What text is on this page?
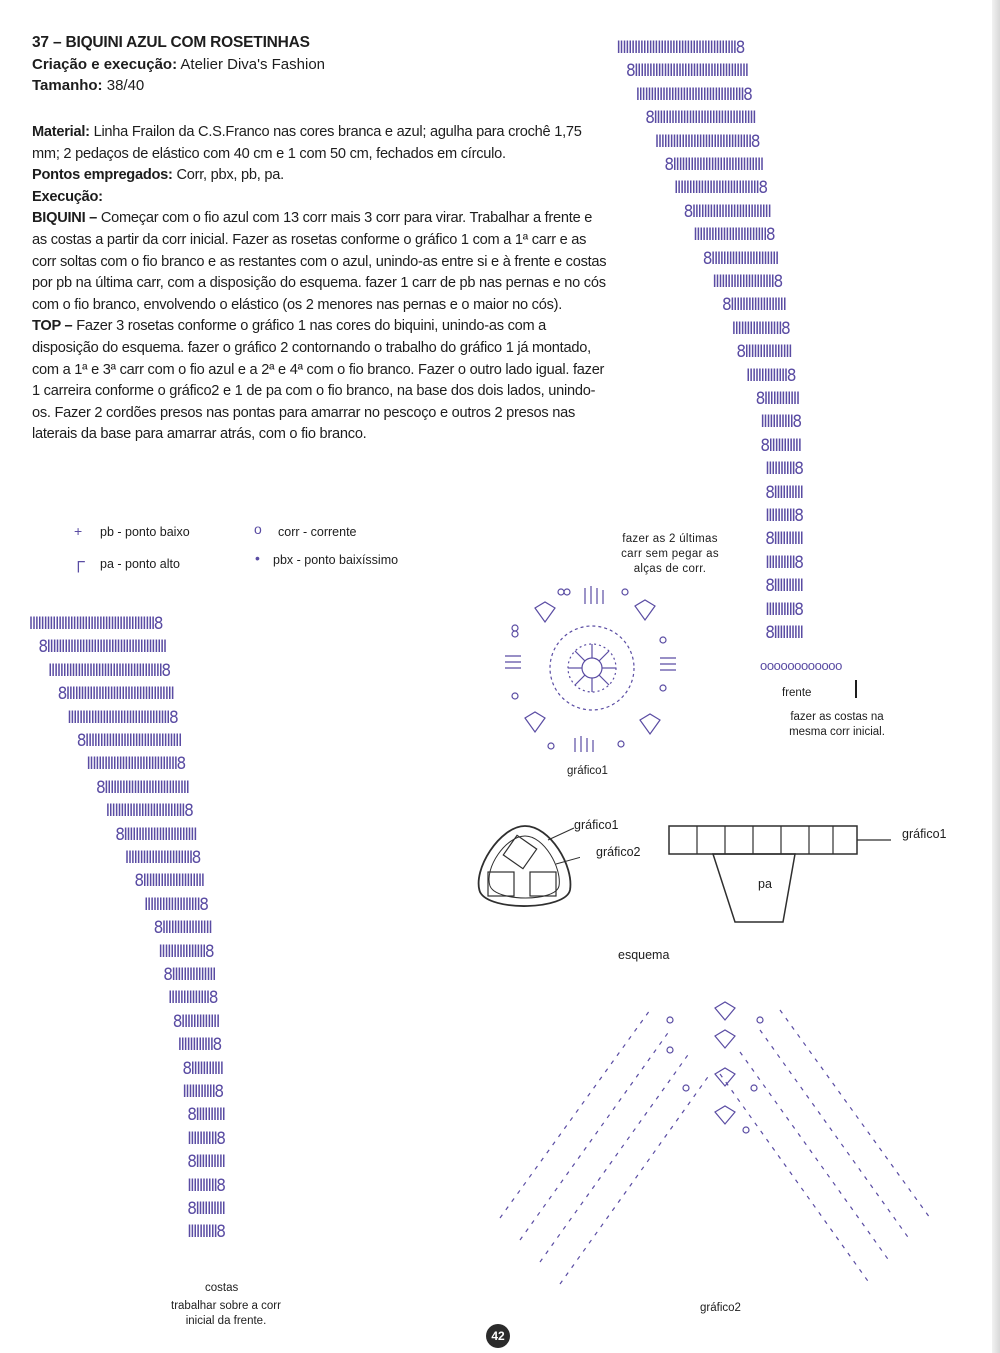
37 – BIQUINI AZUL COM ROSETINHAS
Criação e execução: Atelier Diva's Fashion
Tamanho: 38/40

Material: Linha Frailon da C.S.Franco nas cores branca e azul; agulha para crochê 1,75 mm; 2 pedaços de elástico com 40 cm e 1 com 50 cm, fechados em círculo.

Pontos empregados: Corr, pbx, pb, pa.

Execução:

BIQUINI – Começar com o fio azul com 13 corr mais 3 corr para virar. Trabalhar a frente e as costas a partir da corr inicial. Fazer as rosetas conforme o gráfico 1 com a 1ª carr e as corr soltas com o fio branco e as restantes com o azul, unindo-as entre si e à frente e costas por pb na última carr, com a disposição do esquema. fazer 1 carr de pb nas pernas e no cós com o fio branco, envolvendo o elástico (os 2 menores nas pernas e o maior no cós).

TOP – Fazer 3 rosetas conforme o gráfico 1 nas cores do biquini, unindo-as com a disposição do esquema. fazer o gráfico 2 contornando o trabalho do gráfico 1 já montado, com a 1ª e 3ª carr com o fio azul e a 2ª e 4ª com o fio branco. Fazer o outro lado igual. fazer 1 carreira conforme o gráfico2 e 1 de pa com o fio branco, na base dos dois lados, unindo-os. Fazer 2 cordões presos nas pontas para amarrar no pescoço e outros 2 presos nas laterais da base para amarrar atrás, com o fio branco.

+ pb - ponto baixo
┌ pa - ponto alto
o corr - corrente
• pbx - ponto baixíssimo
IIIIIIIIIIIIIIIIIIIIIIIIIIIIIIIIIIIIIIIII8
8IIIIIIIIIIIIIIIIIIIIIIIIIIIIIIIIIIIIIII
IIIIIIIIIIIIIIIIIIIIIIIIIIIIIIIIIIIII8
8IIIIIIIIIIIIIIIIIIIIIIIIIIIIIIIIIII
IIIIIIIIIIIIIIIIIIIIIIIIIIIIIIIII8
8IIIIIIIIIIIIIIIIIIIIIIIIIIIIIII
IIIIIIIIIIIIIIIIIIIIIIIIIIIII8
8IIIIIIIIIIIIIIIIIIIIIIIIIII
IIIIIIIIIIIIIIIIIIIIIIIII8
8IIIIIIIIIIIIIIIIIIIIIII
IIIIIIIIIIIIIIIIIIIII8
8IIIIIIIIIIIIIIIIIII
IIIIIIIIIIIIIIIII8
8IIIIIIIIIIIIIIII
IIIIIIIIIIIIII8
8IIIIIIIIIIII
IIIIIIIIIII8
8IIIIIIIIIII
IIIIIIIIII8
8IIIIIIIIII
IIIIIIIIII8
8IIIIIIIIII
IIIIIIIIII8
8IIIIIIIIII
IIIIIIIIII8
8IIIIIIIIII
oooooooooooo
frente
fazer as costas na mesma corr inicial.
IIIIIIIIIIIIIIIIIIIIIIIIIIIIIIIIIIIIIIIIIII8
8IIIIIIIIIIIIIIIIIIIIIIIIIIIIIIIIIIIIIIIII
IIIIIIIIIIIIIIIIIIIIIIIIIIIIIIIIIIIIIII8
8IIIIIIIIIIIIIIIIIIIIIIIIIIIIIIIIIIIII
IIIIIIIIIIIIIIIIIIIIIIIIIIIIIIIIIII8
8IIIIIIIIIIIIIIIIIIIIIIIIIIIIIIIII
IIIIIIIIIIIIIIIIIIIIIIIIIIIIIII8
8IIIIIIIIIIIIIIIIIIIIIIIIIIIII
IIIIIIIIIIIIIIIIIIIIIIIIIII8
8IIIIIIIIIIIIIIIIIIIIIIIII
IIIIIIIIIIIIIIIIIIIIIII8
8IIIIIIIIIIIIIIIIIIIII
IIIIIIIIIIIIIIIIIII8
8IIIIIIIIIIIIIIIII
IIIIIIIIIIIIIIII8
8IIIIIIIIIIIIIII
IIIIIIIIIIIIII8
8IIIIIIIIIIIII
IIIIIIIIIIII8
8IIIIIIIIIII
IIIIIIIIIII8
8IIIIIIIIII
IIIIIIIIII8
8IIIIIIIIII
IIIIIIIIII8
8IIIIIIIIII
IIIIIIIIII8
costas
trabalhar sobre a corr inicial da frente.
fazer as 2 últimas carr sem pegar as alças de corr.
gráfico1
gráfico1
gráfico2
gráfico1
pa
esquema
gráfico2
42
